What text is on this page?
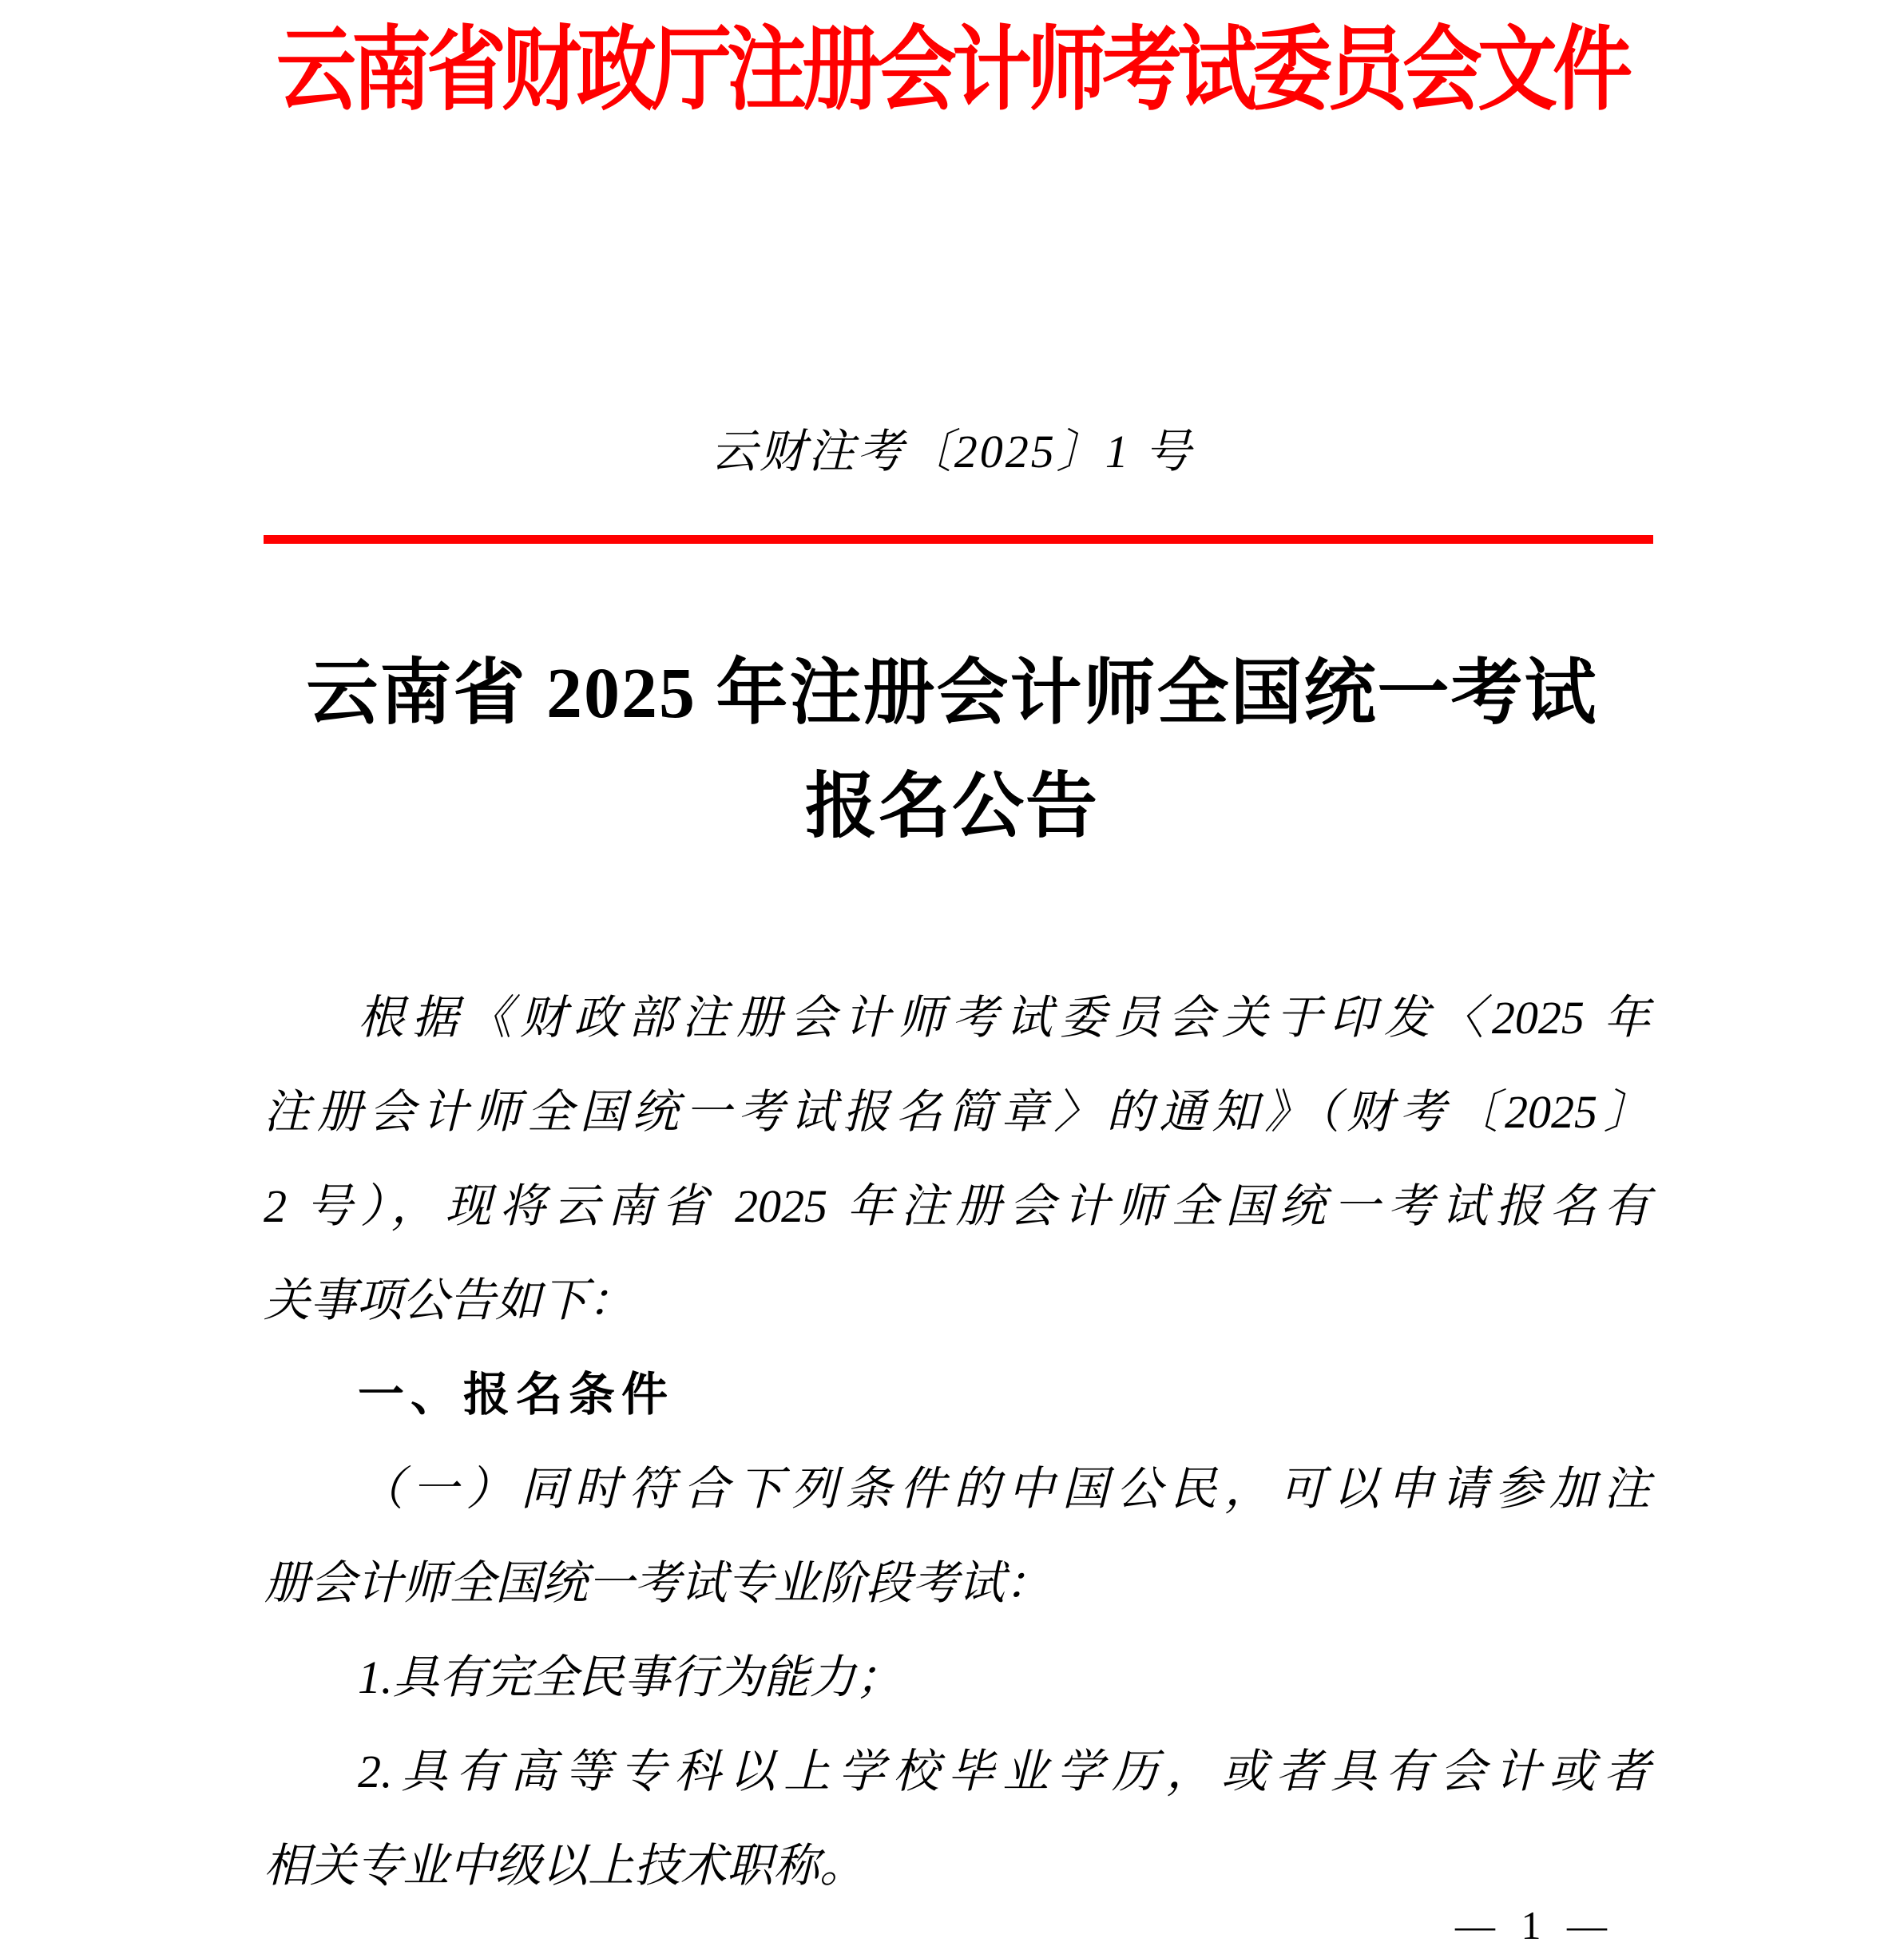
云南省财政厅注册会计师考试委员会文件
云财注考〔2025〕1 号
云南省 2025 年注册会计师全国统一考试
报名公告
根据《财政部注册会计师考试委员会关于印发〈2025 年
注册会计师全国统一考试报名简章〉的通知》（财考〔2025〕
2 号），现将云南省 2025 年注册会计师全国统一考试报名有
关事项公告如下：
一、报名条件
（一）同时符合下列条件的中国公民，可以申请参加注
册会计师全国统一考试专业阶段考试：
1.具有完全民事行为能力；
2.具有高等专科以上学校毕业学历，或者具有会计或者
相关专业中级以上技术职称。
— 1 —
